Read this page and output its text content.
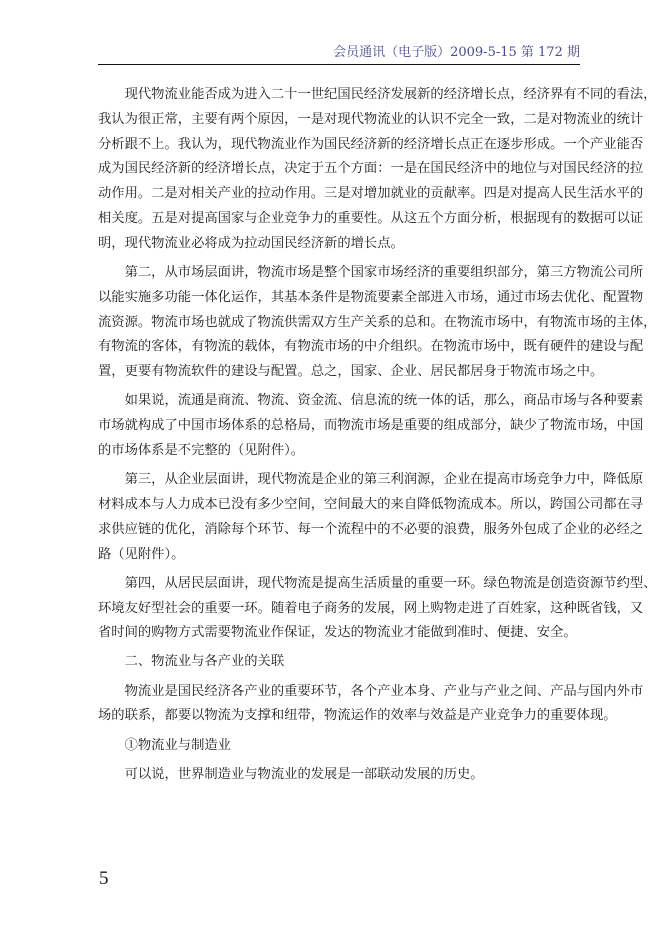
会员通讯（电子版）2009-5-15 第 172 期
现代物流业能否成为进入二十一世纪国民经济发展新的经济增长点，经济界有不同的看法，
我认为很正常，主要有两个原因，一是对现代物流业的认识不完全一致，二是对物流业的统计
分析跟不上。我认为，现代物流业作为国民经济新的经济增长点正在逐步形成。一个产业能否
成为国民经济新的经济增长点，决定于五个方面：一是在国民经济中的地位与对国民经济的拉
动作用。二是对相关产业的拉动作用。三是对增加就业的贡献率。四是对提高人民生活水平的
相关度。五是对提高国家与企业竞争力的重要性。从这五个方面分析，根据现有的数据可以证
明，现代物流业必将成为拉动国民经济新的增长点。
第二，从市场层面讲，物流市场是整个国家市场经济的重要组织部分，第三方物流公司所
以能实施多功能一体化运作，其基本条件是物流要素全部进入市场，通过市场去优化、配置物
流资源。物流市场也就成了物流供需双方生产关系的总和。在物流市场中，有物流市场的主体，
有物流的客体，有物流的载体，有物流市场的中介组织。在物流市场中，既有硬件的建设与配
置，更要有物流软件的建设与配置。总之，国家、企业、居民都居身于物流市场之中。
如果说，流通是商流、物流、资金流、信息流的统一体的话，那么，商品市场与各种要素
市场就构成了中国市场体系的总格局，而物流市场是重要的组成部分，缺少了物流市场，中国
的市场体系是不完整的（见附件）。
第三，从企业层面讲，现代物流是企业的第三利润源，企业在提高市场竞争力中，降低原
材料成本与人力成本已没有多少空间，空间最大的来自降低物流成本。所以，跨国公司都在寻
求供应链的优化，消除每个环节、每一个流程中的不必要的浪费，服务外包成了企业的必经之
路（见附件）。
第四，从居民层面讲，现代物流是提高生活质量的重要一环。绿色物流是创造资源节约型、
环境友好型社会的重要一环。随着电子商务的发展，网上购物走进了百姓家，这种既省钱，又
省时间的购物方式需要物流业作保证，发达的物流业才能做到准时、便捷、安全。
二、物流业与各产业的关联
物流业是国民经济各产业的重要环节，各个产业本身、产业与产业之间、产品与国内外市
场的联系，都要以物流为支撑和纽带，物流运作的效率与效益是产业竞争力的重要体现。
①物流业与制造业
可以说，世界制造业与物流业的发展是一部联动发展的历史。
5
